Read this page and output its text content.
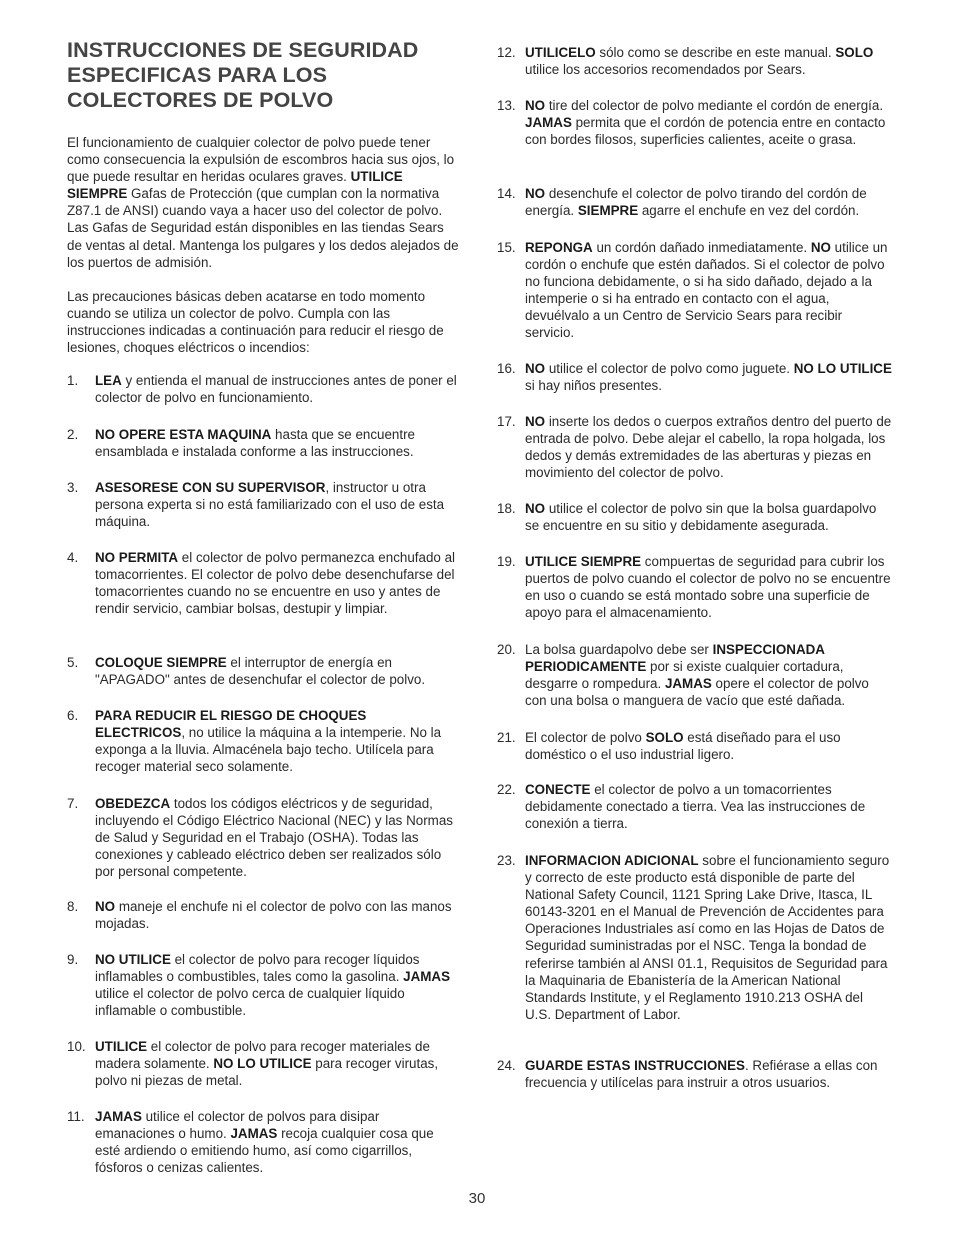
INSTRUCCIONES DE SEGURIDAD ESPECIFICAS PARA LOS COLECTORES DE POLVO

El funcionamiento de cualquier colector de polvo puede tener como consecuencia la expulsión de escombros hacia sus ojos, lo que puede resultar en heridas oculares graves. UTILICE SIEMPRE Gafas de Protección (que cumplan con la normativa Z87.1 de ANSI) cuando vaya a hacer uso del colector de polvo. Las Gafas de Seguridad están disponibles en las tiendas Sears de ventas al detal. Mantenga los pulgares y los dedos alejados de los puertos de admisión.

Las precauciones básicas deben acatarse en todo momento cuando se utiliza un colector de polvo. Cumpla con las instrucciones indicadas a continuación para reducir el riesgo de lesiones, choques eléctricos o incendios:

1.	LEA y entienda el manual de instrucciones antes de poner el colector de polvo en funcionamiento.
2.	NO OPERE ESTA MAQUINA hasta que se encuentre ensamblada e instalada conforme a las instrucciones.
3.	ASESORESE CON SU SUPERVISOR, instructor u otra persona experta si no está familiarizado con el uso de esta máquina.
4.	NO PERMITA el colector de polvo permanezca enchufado al tomacorrientes. El colector de polvo debe desenchufarse del tomacorrientes cuando no se encuentre en uso y antes de rendir servicio, cambiar bolsas, destupir y limpiar.
5.	COLOQUE SIEMPRE el interruptor de energía en "APAGADO" antes de desenchufar el colector de polvo.
6.	PARA REDUCIR EL RIESGO DE CHOQUES ELECTRICOS, no utilice la máquina a la intemperie. No la exponga a la lluvia. Almacénela bajo techo. Utilícela para recoger material seco solamente.
7.	OBEDEZCA todos los códigos eléctricos y de seguridad, incluyendo el Código Eléctrico Nacional (NEC) y las Normas de Salud y Seguridad en el Trabajo (OSHA). Todas las conexiones y cableado eléctrico deben ser realizados sólo por personal competente.
8.	NO maneje el enchufe ni el colector de polvo con las manos mojadas.
9.	NO UTILICE el colector de polvo para recoger líquidos inflamables o combustibles, tales como la gasolina. JAMAS utilice el colector de polvo cerca de cualquier líquido inflamable o combustible.
10. UTILICE el colector de polvo para recoger materiales de madera solamente. NO LO UTILICE para recoger virutas, polvo ni piezas de metal.
11. JAMAS utilice el colector de polvos para disipar emanaciones o humo. JAMAS recoja cualquier cosa que esté ardiendo o emitiendo humo, así como cigarrillos, fósforos o cenizas calientes.
12. UTILICELO sólo como se describe en este manual. SOLO utilice los accesorios recomendados por Sears.
13. NO tire del colector de polvo mediante el cordón de energía. JAMAS permita que el cordón de potencia entre en contacto con bordes filosos, superficies calientes, aceite o grasa.
14. NO desenchufe el colector de polvo tirando del cordón de energía. SIEMPRE agarre el enchufe en vez del cordón.
15. REPONGA un cordón dañado inmediatamente. NO utilice un cordón o enchufe que estén dañados. Si el colector de polvo no funciona debidamente, o si ha sido dañado, dejado a la intemperie o si ha entrado en contacto con el agua, devuélvalo a un Centro de Servicio Sears para recibir servicio.
16. NO utilice el colector de polvo como juguete. NO LO UTILICE si hay niños presentes.
17. NO inserte los dedos o cuerpos extraños dentro del puerto de entrada de polvo. Debe alejar el cabello, la ropa holgada, los dedos y demás extremidades de las aberturas y piezas en movimiento del colector de polvo.
18. NO utilice el colector de polvo sin que la bolsa guardapolvo se encuentre en su sitio y debidamente asegurada.
19. UTILICE SIEMPRE compuertas de seguridad para cubrir los puertos de polvo cuando el colector de polvo no se encuentre en uso o cuando se está montado sobre una superficie de apoyo para el almacenamiento.
20. La bolsa guardapolvo debe ser INSPECCIONADA PERIODICAMENTE por si existe cualquier cortadura, desgarre o rompedura. JAMAS opere el colector de polvo con una bolsa o manguera de vacío que esté dañada.
21. El colector de polvo SOLO está diseñado para el uso doméstico o el uso industrial ligero.
22. CONECTE el colector de polvo a un tomacorrientes debidamente conectado a tierra. Vea las instrucciones de conexión a tierra.
23. INFORMACION ADICIONAL sobre el funcionamiento seguro y correcto de este producto está disponible de parte del National Safety Council, 1121 Spring Lake Drive, Itasca, IL 60143-3201 en el Manual de Prevención de Accidentes para Operaciones Industriales así como en las Hojas de Datos de Seguridad suministradas por el NSC. Tenga la bondad de referirse también al ANSI 01.1, Requisitos de Seguridad para la Maquinaria de Ebanistería de la American National Standards Institute, y el Reglamento 1910.213 OSHA del U.S. Department of Labor.
24. GUARDE ESTAS INSTRUCCIONES. Refiérase a ellas con frecuencia y utilícelas para instruir a otros usuarios.
30
